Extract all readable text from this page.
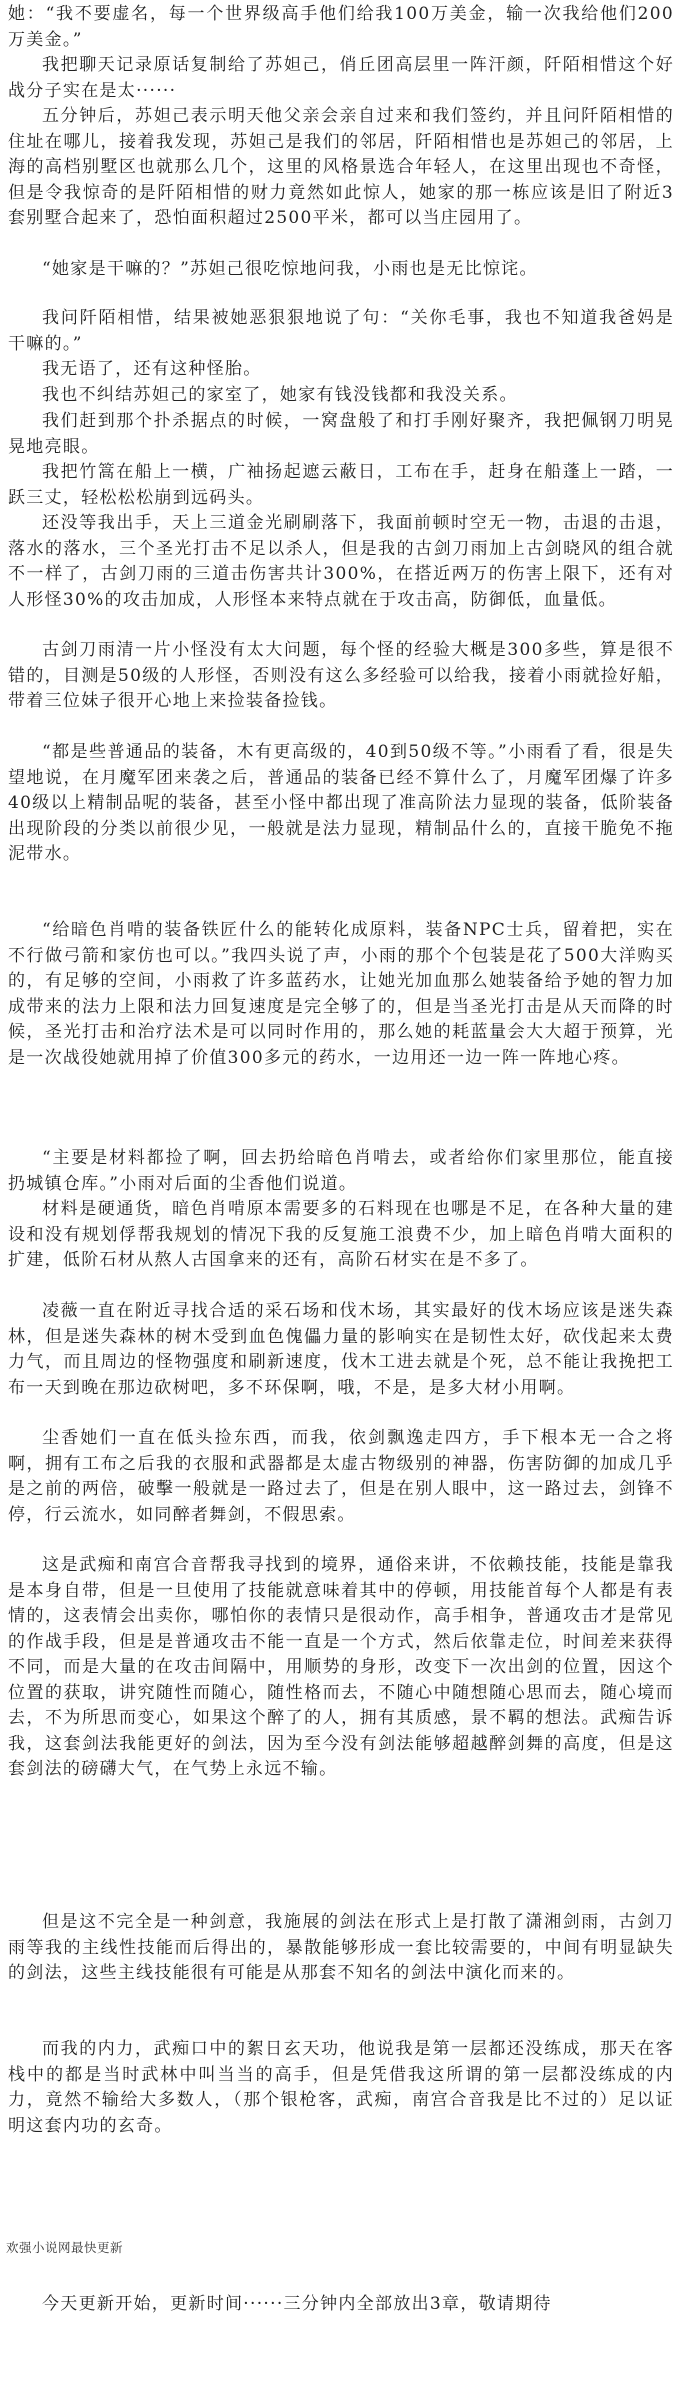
她：“我不要虚名，每一个世界级高手他们给我100万美金，输一次我给他们200万美金。”

我把聊天记录原话复制给了苏妲己，俏丘团高层里一阵汗颜，阡陌相惜这个好战分子实在是太······

五分钟后，苏妲己表示明天他父亲会亲自过来和我们签约，并且问阡陌相惜的住址在哪儿，接着我发现，苏妲己是我们的邻居，阡陌相惜也是苏妲己的邻居，上海的高档别墅区也就那么几个，这里的风格景选合年轻人，在这里出现也不奇怪，但是令我惊奇的是阡陌相惜的财力竟然如此惊人，她家的那一栋应该是旧了附近3套别墅合起来了，恐怕面积超过2500平米，都可以当庄园用了。

“她家是干嘛的？”苏妲己很吃惊地问我，小雨也是无比惊诧。

我问阡陌相惜，结果被她恶狠狠地说了句：“关你毛事，我也不知道我爸妈是干嘛的。”

我无语了，还有这种怪胎。

我也不纠结苏妲己的家室了，她家有钱没钱都和我没关系。

我们赶到那个扑杀据点的时候，一窝盘般了和打手刚好聚齐，我把佩钢刀明晃晃地亮眼。

我把竹篙在船上一横，广袖扬起遮云蔽日，工布在手，赶身在船蓬上一踏，一跃三丈，轻松松松崩到远码头。

还没等我出手，天上三道金光刷刷落下，我面前顿时空无一物，击退的击退，落水的落水，三个圣光打击不足以杀人，但是我的古剑刀雨加上古剑晓风的组合就不一样了，古剑刀雨的三道击伤害共计300%，在搭近两万的伤害上限下，还有对人形怪30%的攻击加成，人形怪本来特点就在于攻击高，防御低，血量低。

古剑刀雨清一片小怪没有太大问题，每个怪的经验大概是300多些，算是很不错的，目测是50级的人形怪，否则没有这么多经验可以给我，接着小雨就捡好船，带着三位妹子很开心地上来捡装备捡钱。

“都是些普通品的装备，木有更高级的，40到50级不等。”小雨看了看，很是失望地说，在月魔军团来袭之后，普通品的装备已经不算什么了，月魔军团爆了许多40级以上精制品呢的装备，甚至小怪中都出现了准高阶法力显现的装备，低阶装备出现阶段的分类以前很少见，一般就是法力显现，精制品什么的，直接干脆免不拖泥带水。

“给暗色肖啃的装备铁匠什么的能转化成原料，装备NPC士兵，留着把，实在不行做弓箭和家仿也可以。”我四头说了声，小雨的那个个包装是花了500大洋购买的，有足够的空间，小雨救了许多蓝药水，让她光加血那么她装备给予她的智力加成带来的法力上限和法力回复速度是完全够了的，但是当圣光打击是从天而降的时候，圣光打击和治疗法术是可以同时作用的，那么她的耗蓝量会大大超于预算，光是一次战役她就用掉了价值300多元的药水，一边用还一边一阵一阵地心疼。

“主要是材料都捡了啊，回去扔给暗色肖啃去，或者给你们家里那位，能直接扔城镇仓库。”小雨对后面的尘香他们说道。

材料是硬通货，暗色肖啃原本需要多的石料现在也哪是不足，在各种大量的建设和没有规划俘帮我规划的情况下我的反复施工浪费不少，加上暗色肖啃大面积的扩建，低阶石材从熬人古国拿来的还有，高阶石材实在是不多了。

凌薇一直在附近寻找合适的采石场和伐木场，其实最好的伐木场应该是迷失森林，但是迷失森林的树木受到血色傀儡力量的影响实在是韧性太好，砍伐起来太费力气，而且周边的怪物强度和刷新速度，伐木工进去就是个死，总不能让我挽把工布一天到晚在那边砍树吧，多不环保啊，哦，不是，是多大材小用啊。

尘香她们一直在低头捡东西，而我，依剑飘逸走四方，手下根本无一合之将啊，拥有工布之后我的衣服和武器都是太虚古物级别的神器，伤害防御的加成几乎是之前的两倍，破擊一般就是一路过去了，但是在别人眼中，这一路过去，剑锋不停，行云流水，如同醉者舞剑，不假思索。

这是武痴和南宫合音帮我寻找到的境界，通俗来讲，不依赖技能，技能是靠我是本身自带，但是一旦使用了技能就意味着其中的停顿，用技能首每个人都是有表情的，这表情会出卖你，哪怕你的表情只是很动作，高手相争，普通攻击才是常见的作战手段，但是是普通攻击不能一直是一个方式，然后依靠走位，时间差来获得不同，而是大量的在攻击间隔中，用顺势的身形，改变下一次出剑的位置，因这个位置的获取，讲究随性而随心，随性格而去，不随心中随想随心思而去，随心境而去，不为所思而变心，如果这个醉了的人，拥有其质感，景不羁的想法。武痴告诉我，这套剑法我能更好的剑法，因为至今没有剑法能够超越醉剑舞的高度，但是这套剑法的磅礴大气，在气势上永远不输。

但是这不完全是一种剑意，我施展的剑法在形式上是打散了潇湘剑雨，古剑刀雨等我的主线性技能而后得出的，暴散能够形成一套比较需要的，中间有明显缺失的剑法，这些主线技能很有可能是从那套不知名的剑法中演化而来的。

而我的内力，武痴口中的絮日玄天功，他说我是第一层都还没练成，那天在客栈中的都是当时武林中叫当当的高手，但是凭借我这所谓的第一层都没练成的内力，竟然不输给大多数人，（那个银枪客，武痴，南宫合音我是比不过的）足以证明这套内功的玄奇。

欢强小说网最快更新

今天更新开始，更新时间······三分钟内全部放出3章，敬请期待
